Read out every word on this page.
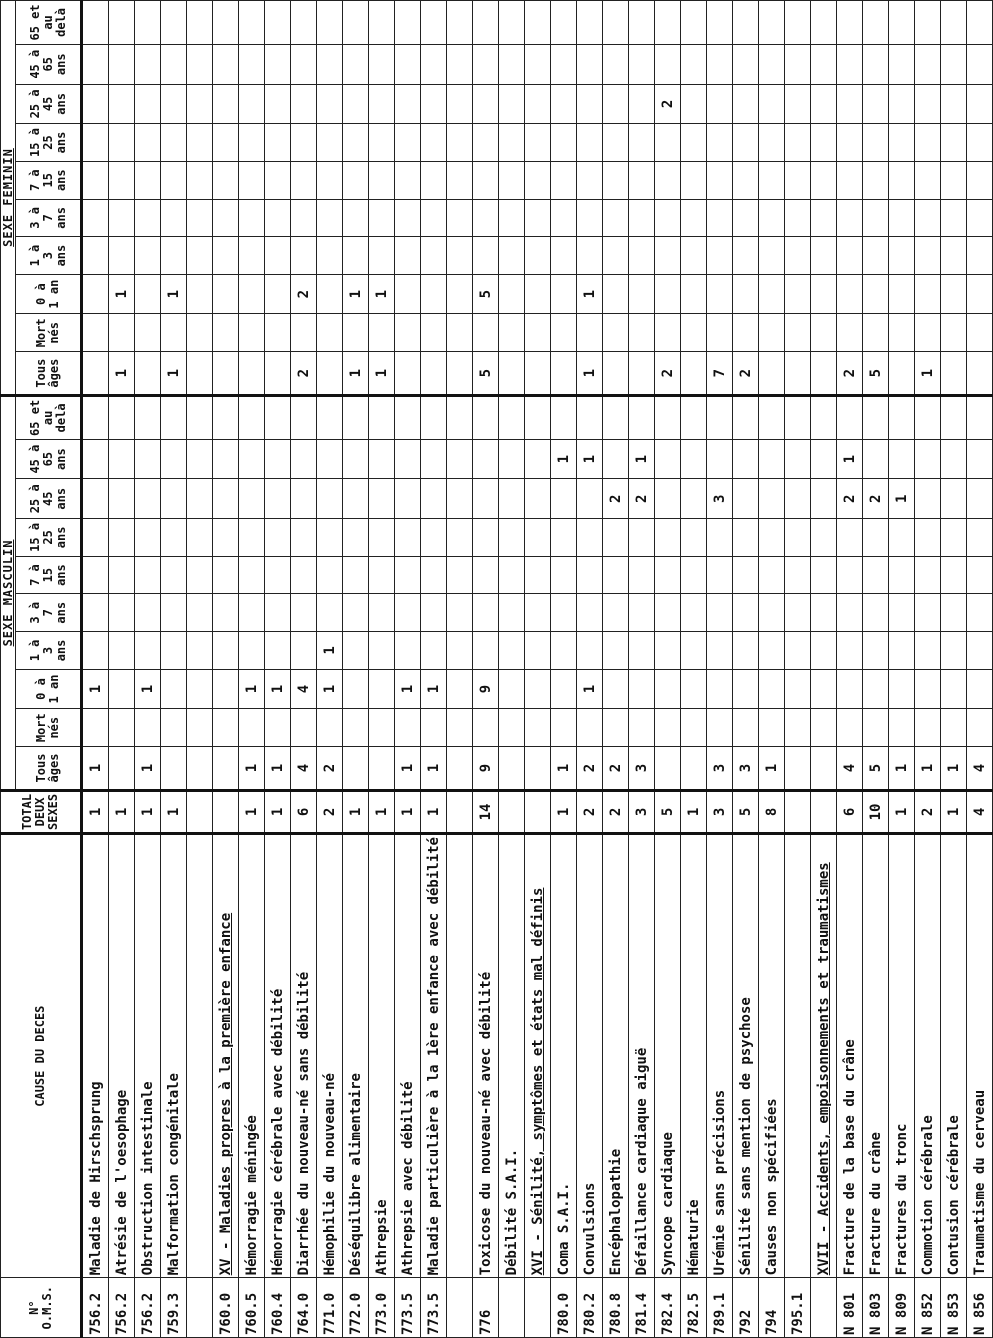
N° O.M.S.	CAUSE DU DECES	TOTAL DEUX SEXES	SEXE MASCULIN										SEXE FEMININ									
			Tous âges	Mort nés	0 à 1 an	1 à 3 ans	3 à 7 ans	7 à 15 ans	15 à 25 ans	25 à 45 ans	45 à 65 ans	65 et au delà	Tous âges	Mort nés	0 à 1 an	1 à 3 ans	3 à 7 ans	7 à 15 ans	15 à 25 ans	25 à 45 ans	45 à 65 ans	65 et au delà
756.2	Maladie de Hirschsprung	1	1		1																	
756.2	Atrésie de l'oesophage	1											1		1							
756.2	Obstruction intestinale	1	1		1																	
759.3	Malformation congénitale	1											1		1							

760.0	XV - Maladies propres à la première enfance																					
760.5	Hémorragie méningée	1	1		1																	
760.4	Hémorragie cérébrale avec débilité	1	1		1																	
764.0	Diarrhée du nouveau-né sans débilité	6	4		4								2		2							
771.0	Hémophilie du nouveau-né	2	2		1	1																
772.0	Déséquilibre alimentaire	1											1		1							
773.0	Athrepsie	1											1		1							
773.5	Athrepsie avec débilité	1	1		1																	
773.5	Maladie particulière à la 1ère enfance avec débilité	1	1		1																	

776	Toxicose du nouveau-né avec débilité	14	9		9								5		5							
	Débilité S.A.I.																					
	XVI - Sénilité, symptômes et états mal définis																					
780.0	Coma S.A.I.	1	1								1											
780.2	Convulsions	2	2		1						1		1		1							
780.8	Encéphalopathie	2	2							2												
781.4	Défaillance cardiaque aiguë	3	3							2	1											
782.4	Syncope cardiaque	5											2							2		
782.5	Hématurie	1																				
789.1	Urémie sans précisions	3	3							3			7									
792	Sénilité sans mention de psychose	5	3										2									
794	Causes non spécifiées	8	1																			
795.1																						
	XVII - Accidents, empoisonnements et traumatismes																					
N 801	Fracture de la base du crâne	6	4							2	1		2									
N 803	Fracture du crâne	10	5							2			5									
N 809	Fractures du tronc	1	1							1												
N 852	Commotion cérébrale	2	1										1									
N 853	Contusion cérébrale	1	1																			
N 856	Traumatisme du cerveau	4	4																			
